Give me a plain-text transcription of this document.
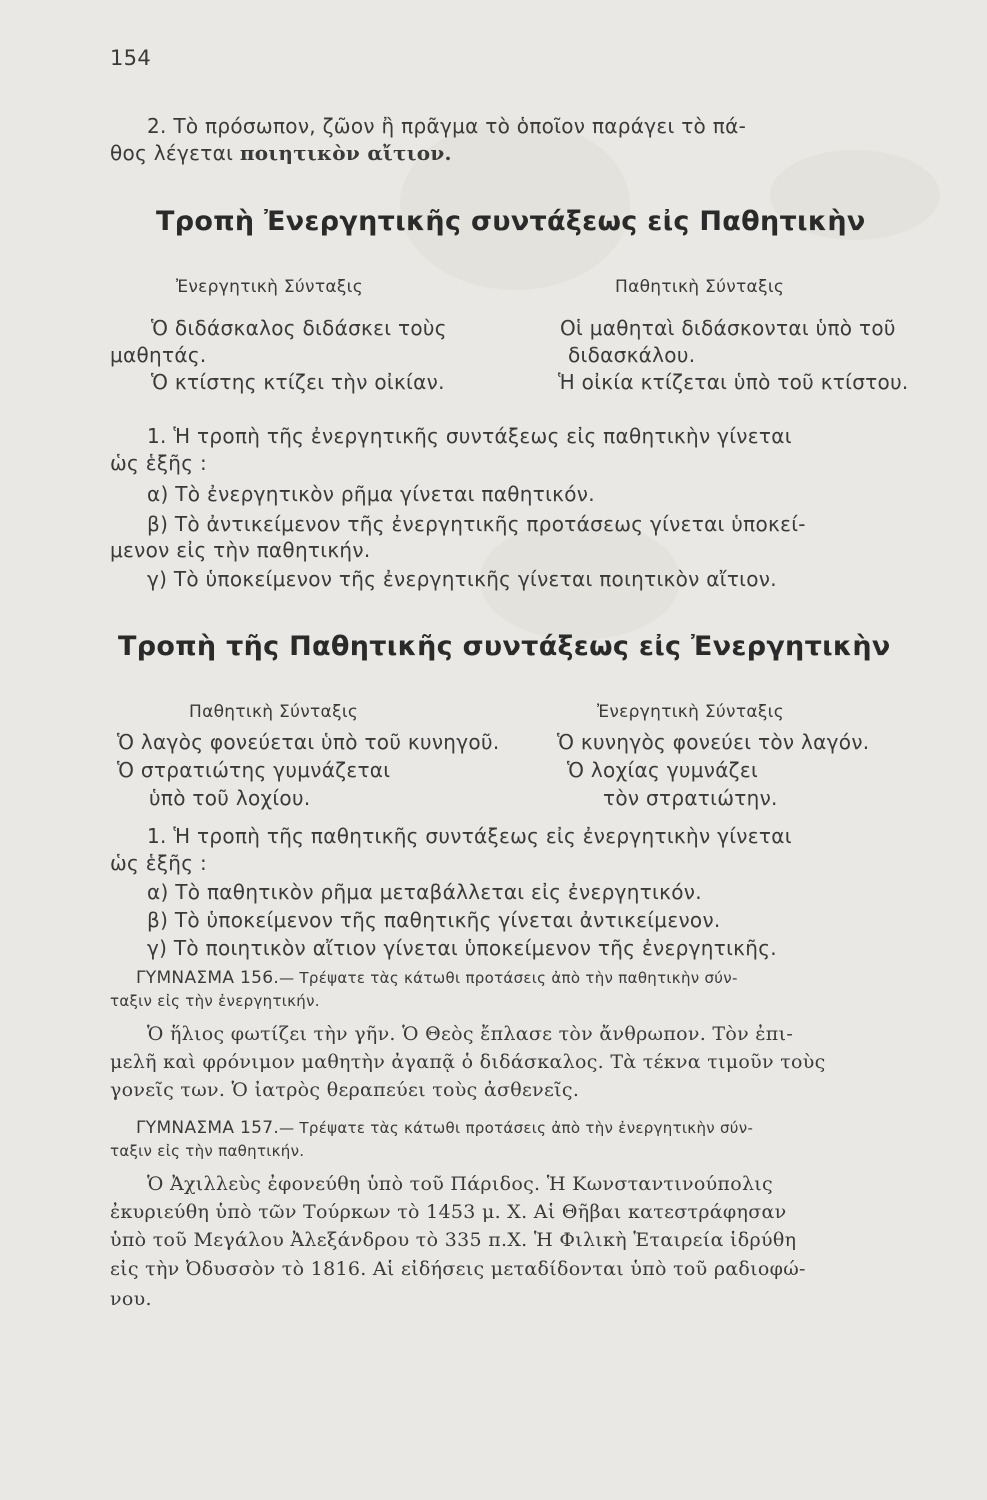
154
2. Τὸ πρόσωπον, ζῶον ἢ πρᾶγμα τὸ ὁποῖον παράγει τὸ πά-
θος λέγεται ποιητικὸν αἴτιον.
Τροπὴ Ἐνεργητικῆς συντάξεως εἰς Παθητικὴν
Ἐνεργητικὴ Σύνταξις	Παθητικὴ Σύνταξις
Ὁ διδάσκαλος διδάσκει τοὺς
μαθητάς.
Ὁ κτίστης κτίζει τὴν οἰκίαν.
Οἱ μαθηταὶ διδάσκονται ὑπὸ τοῦ
διδασκάλου.
Ἡ οἰκία κτίζεται ὑπὸ τοῦ κτίστου.
1. Ἡ τροπὴ τῆς ἐνεργητικῆς συντάξεως εἰς παθητικὴν γίνεται
ὡς ἑξῆς :
α) Τὸ ἐνεργητικὸν ρῆμα γίνεται παθητικόν.
β) Τὸ ἀντικείμενον τῆς ἐνεργητικῆς προτάσεως γίνεται ὑποκεί-
μενον εἰς τὴν παθητικήν.
γ) Τὸ ὑποκείμενον τῆς ἐνεργητικῆς γίνεται ποιητικὸν αἴτιον.
Τροπὴ τῆς Παθητικῆς συντάξεως εἰς Ἐνεργητικὴν
Παθητικὴ Σύνταξις	Ἐνεργητικὴ Σύνταξις
Ὁ λαγὸς φονεύεται ὑπὸ τοῦ κυνηγοῦ.
Ὁ στρατιώτης γυμνάζεται
ὑπὸ τοῦ λοχίου.
Ὁ κυνηγὸς φονεύει τὸν λαγόν.
Ὁ λοχίας γυμνάζει
τὸν στρατιώτην.
1. Ἡ τροπὴ τῆς παθητικῆς συντάξεως εἰς ἐνεργητικὴν γίνεται
ὡς ἑξῆς :
α) Τὸ παθητικὸν ρῆμα μεταβάλλεται εἰς ἐνεργητικόν.
β) Τὸ ὑποκείμενον τῆς παθητικῆς γίνεται ἀντικείμενον.
γ) Τὸ ποιητικὸν αἴτιον γίνεται ὑποκείμενον τῆς ἐνεργητικῆς.
ΓΥΜΝΑΣΜΑ 156.— Τρέψατε τὰς κάτωθι προτάσεις ἀπὸ τὴν παθητικὴν σύν-
ταξιν εἰς τὴν ἐνεργητικήν.
Ὁ ἥλιος φωτίζει τὴν γῆν. Ὁ Θεὸς ἔπλασε τὸν ἄνθρωπον. Τὸν ἐπι-
μελῆ καὶ φρόνιμον μαθητὴν ἀγαπᾷ ὁ διδάσκαλος. Τὰ τέκνα τιμοῦν τοὺς
γονεῖς των. Ὁ ἰατρὸς θεραπεύει τοὺς ἀσθενεῖς.
ΓΥΜΝΑΣΜΑ 157.— Τρέψατε τὰς κάτωθι προτάσεις ἀπὸ τὴν ἐνεργητικὴν σύν-
ταξιν εἰς τὴν παθητικήν.
Ὁ Ἀχιλλεὺς ἐφονεύθη ὑπὸ τοῦ Πάριδος. Ἡ Κωνσταντινούπολις
ἐκυριεύθη ὑπὸ τῶν Τούρκων τὸ 1453 μ. Χ. Αἱ Θῆβαι κατεστράφησαν
ὑπὸ τοῦ Μεγάλου Ἀλεξάνδρου τὸ 335 π.Χ. Ἡ Φιλικὴ Ἑταιρεία ἱδρύθη
εἰς τὴν Ὀδυσσὸν τὸ 1816. Αἱ εἰδήσεις μεταδίδονται ὑπὸ τοῦ ραδιοφώ-
νου.
